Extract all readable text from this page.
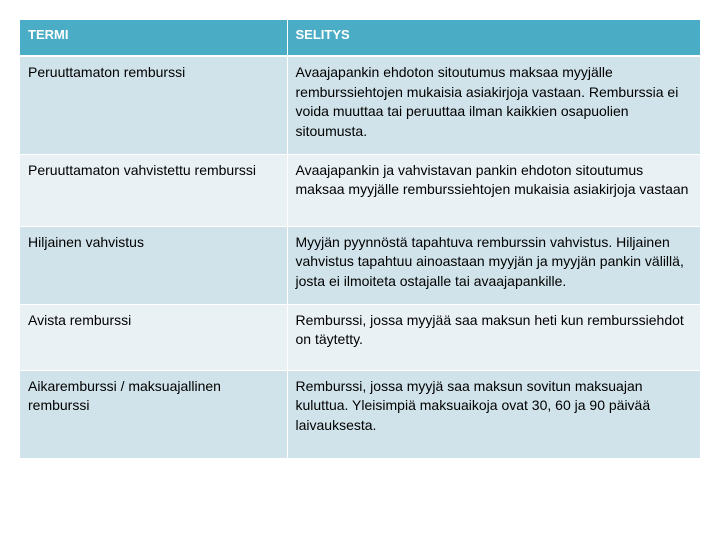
TERMI	SELITYS
Peruuttamaton remburssi	Avaajapankin ehdoton sitoutumus maksaa myyjälle remburssiehtojen mukaisia asiakirjoja vastaan. Remburssia ei voida muuttaa tai peruuttaa ilman kaikkien osapuolien sitoumusta.
Peruuttamaton vahvistettu remburssi	Avaajapankin ja vahvistavan pankin ehdoton sitoutumus maksaa myyjälle remburssiehtojen mukaisia asiakirjoja vastaan
Hiljainen vahvistus	Myyjän pyynnöstä tapahtuva remburssin vahvistus. Hiljainen vahvistus tapahtuu ainoastaan myyjän ja myyjän pankin välillä, josta ei ilmoiteta ostajalle tai avaajapankille.
Avista remburssi	Remburssi, jossa myyjää saa maksun heti kun remburssiehdot on täytetty.
Aikaremburssi / maksuajallinen remburssi	Remburssi, jossa myyjä saa maksun sovitun maksuajan kuluttua. Yleisimpiä maksuaikoja ovat 30, 60 ja 90 päivää laivauksesta.
